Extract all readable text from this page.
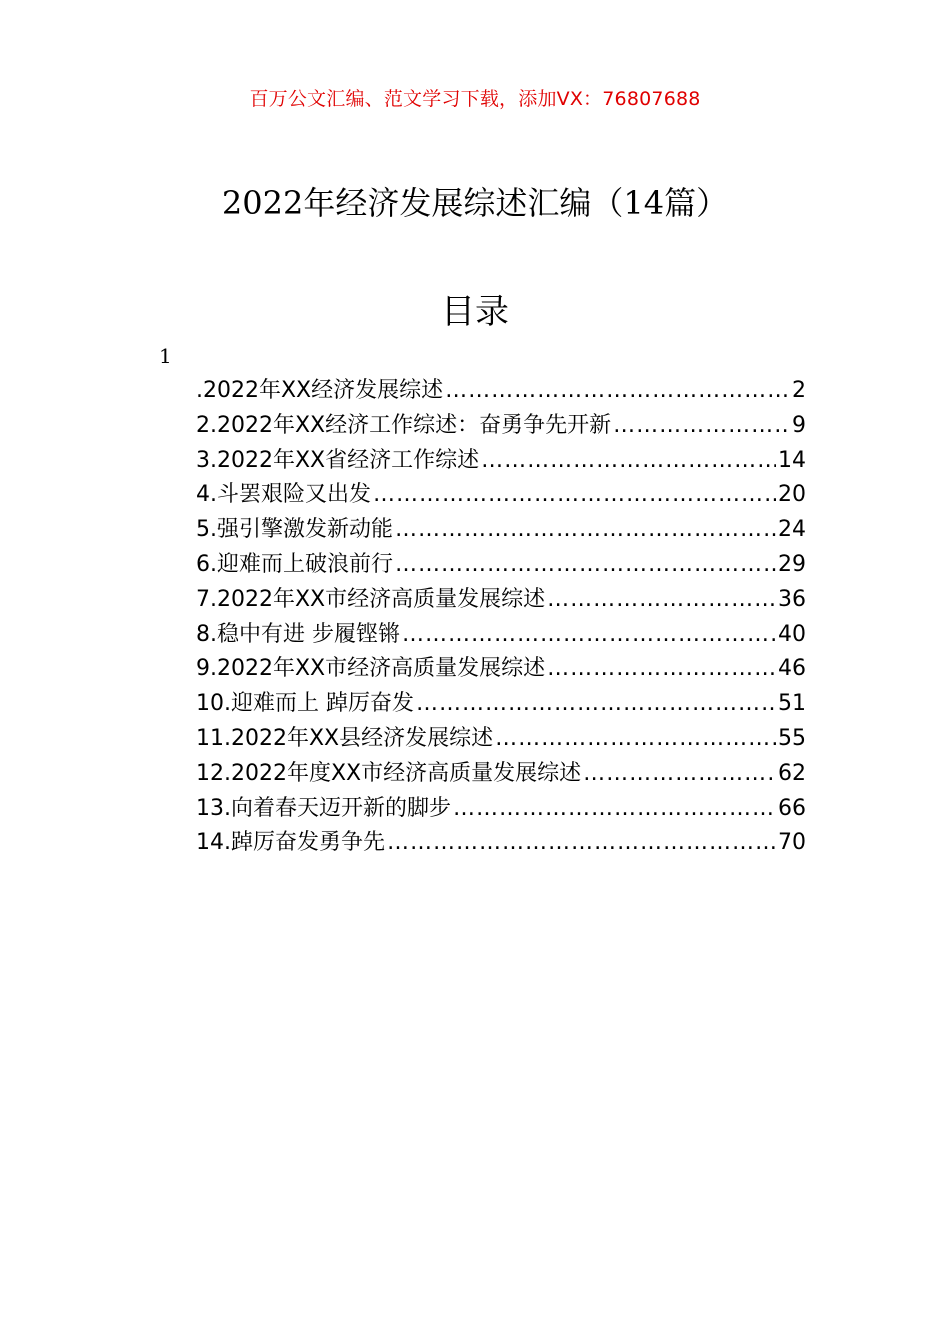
百万公文汇编、范文学习下载，添加VX：76807688
2022年经济发展综述汇编（14篇）
目录
1
.2022年XX经济发展综述 ………………………………………………………………………………………………………………………………	2
2.2022年XX经济工作综述：奋勇争先开新 ………………………………………………………………………………………………………………………………	9
3.2022年XX省经济工作综述 ………………………………………………………………………………………………………………………………	14
4.斗罢艰险又出发 ………………………………………………………………………………………………………………………………	20
5.强引擎激发新动能 ………………………………………………………………………………………………………………………………	24
6.迎难而上破浪前行 ………………………………………………………………………………………………………………………………	29
7.2022年XX市经济高质量发展综述 ………………………………………………………………………………………………………………………………	36
8.稳中有进 步履铿锵 ………………………………………………………………………………………………………………………………	40
9.2022年XX市经济高质量发展综述 ………………………………………………………………………………………………………………………………	46
10.迎难而上 踔厉奋发 ………………………………………………………………………………………………………………………………	51
11.2022年XX县经济发展综述 ………………………………………………………………………………………………………………………………	55
12.2022年度XX市经济高质量发展综述 ………………………………………………………………………………………………………………………………	62
13.向着春天迈开新的脚步 ………………………………………………………………………………………………………………………………	66
14.踔厉奋发勇争先 ………………………………………………………………………………………………………………………………	70
